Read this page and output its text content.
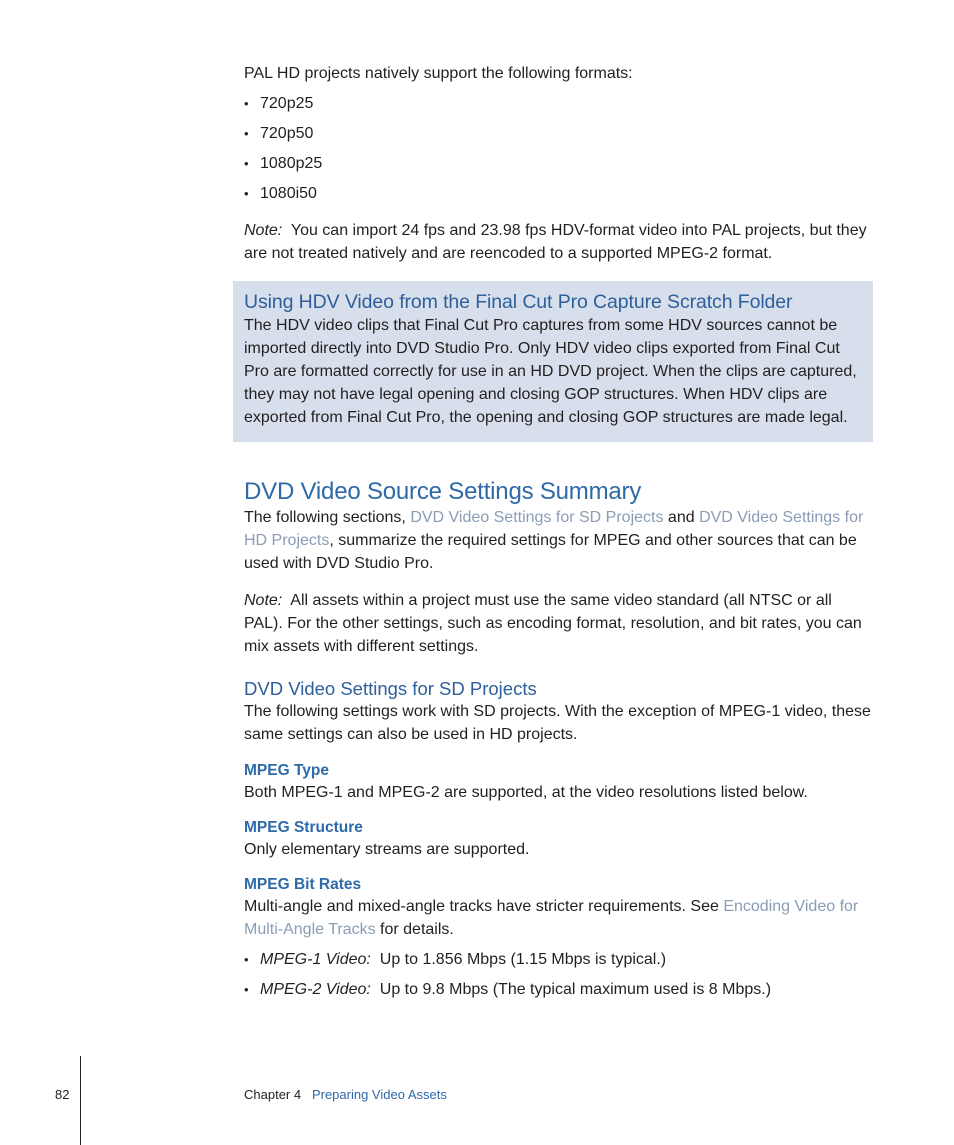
PAL HD projects natively support the following formats:

• 720p25

• 720p50

• 1080p25

• 1080i50

Note: You can import 24 fps and 23.98 fps HDV-format video into PAL projects, but they are not treated natively and are reencoded to a supported MPEG-2 format.

Using HDV Video from the Final Cut Pro Capture Scratch Folder

The HDV video clips that Final Cut Pro captures from some HDV sources cannot be imported directly into DVD Studio Pro. Only HDV video clips exported from Final Cut Pro are formatted correctly for use in an HD DVD project. When the clips are captured, they may not have legal opening and closing GOP structures. When HDV clips are exported from Final Cut Pro, the opening and closing GOP structures are made legal.

DVD Video Source Settings Summary

The following sections, DVD Video Settings for SD Projects and DVD Video Settings for HD Projects, summarize the required settings for MPEG and other sources that can be used with DVD Studio Pro.

Note: All assets within a project must use the same video standard (all NTSC or all PAL). For the other settings, such as encoding format, resolution, and bit rates, you can mix assets with different settings.

DVD Video Settings for SD Projects

The following settings work with SD projects. With the exception of MPEG-1 video, these same settings can also be used in HD projects.

MPEG Type

Both MPEG-1 and MPEG-2 are supported, at the video resolutions listed below.

MPEG Structure

Only elementary streams are supported.

MPEG Bit Rates

Multi-angle and mixed-angle tracks have stricter requirements. See Encoding Video for Multi-Angle Tracks for details.

• MPEG-1 Video: Up to 1.856 Mbps (1.15 Mbps is typical.)

• MPEG-2 Video: Up to 9.8 Mbps (The typical maximum used is 8 Mbps.)

82	Chapter 4 Preparing Video Assets
